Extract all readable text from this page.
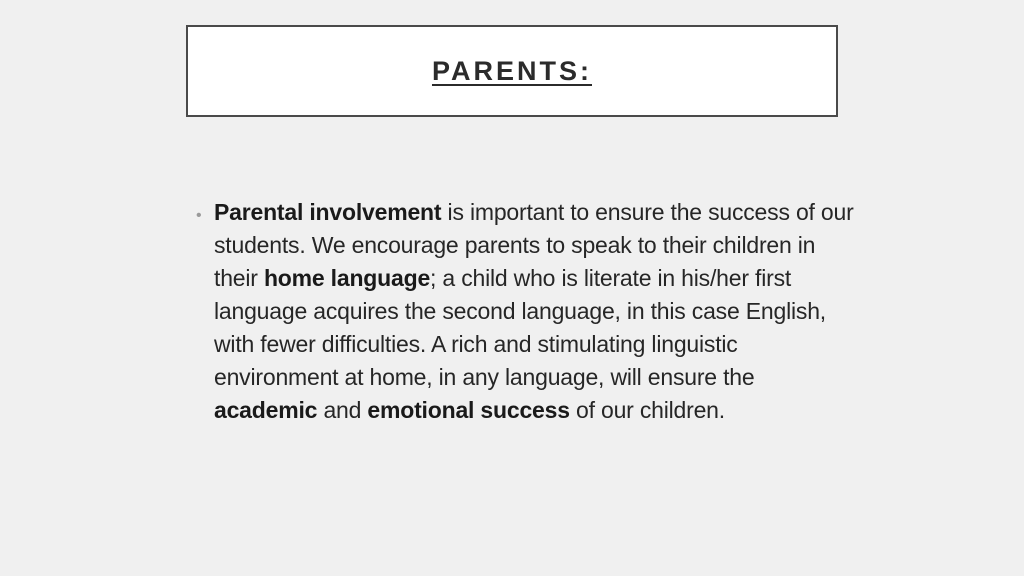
PARENTS:
• Parental involvement is important to ensure the success of our students. We encourage parents to speak to their children in their home language; a child who is literate in his/her first language acquires the second language, in this case English, with fewer difficulties. A rich and stimulating linguistic environment at home, in any language, will ensure the academic and emotional success of our children.
